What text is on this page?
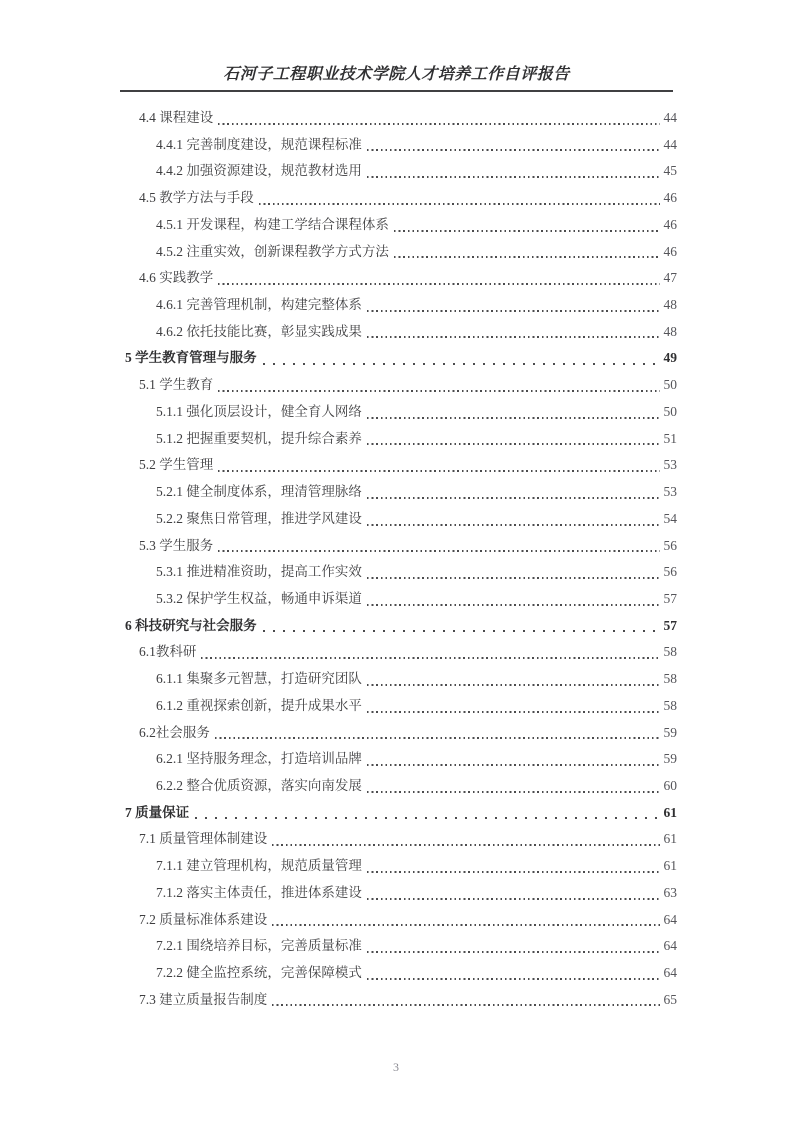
石河子工程职业技术学院人才培养工作自评报告
4.4 课程建设	44
4.4.1 完善制度建设，规范课程标准	44
4.4.2 加强资源建设，规范教材选用	45
4.5 教学方法与手段	46
4.5.1 开发课程，构建工学结合课程体系	46
4.5.2 注重实效，创新课程教学方式方法	46
4.6 实践教学	47
4.6.1 完善管理机制，构建完整体系	48
4.6.2 依托技能比赛，彰显实践成果	48
5 学生教育管理与服务	49
5.1 学生教育	50
5.1.1 强化顶层设计，健全育人网络	50
5.1.2 把握重要契机，提升综合素养	51
5.2 学生管理	53
5.2.1 健全制度体系，理清管理脉络	53
5.2.2 聚焦日常管理，推进学风建设	54
5.3 学生服务	56
5.3.1 推进精准资助，提高工作实效	56
5.3.2 保护学生权益，畅通申诉渠道	57
6 科技研究与社会服务	57
6.1教科研	58
6.1.1 集聚多元智慧，打造研究团队	58
6.1.2 重视探索创新，提升成果水平	58
6.2社会服务	59
6.2.1 坚持服务理念，打造培训品牌	59
6.2.2 整合优质资源，落实向南发展	60
7 质量保证	61
7.1 质量管理体制建设	61
7.1.1 建立管理机构，规范质量管理	61
7.1.2 落实主体责任，推进体系建设	63
7.2 质量标准体系建设	64
7.2.1 围绕培养目标，完善质量标准	64
7.2.2 健全监控系统，完善保障模式	64
7.3 建立质量报告制度	65
3
